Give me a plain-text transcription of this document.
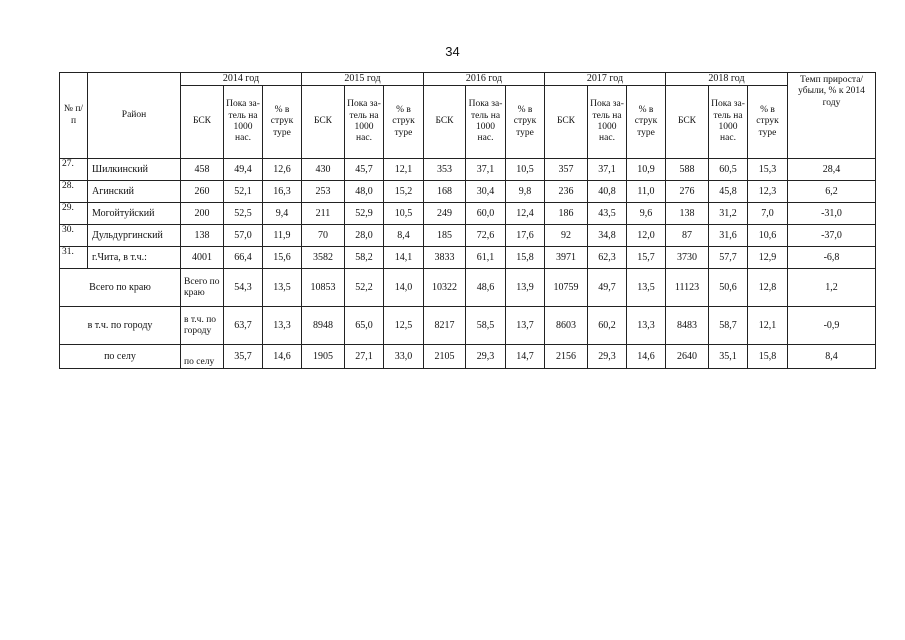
34
№ п/п	Район	2014 год			2015 год			2016 год			2017 год			2018 год			Темп прироста/ убыли, % к 2014 году
		БСК	Пока за- тель на 1000 нас.	% в струк туре	БСК	Пока за- тель на 1000 нас.	% в струк туре	БСК	Пока за- тель на 1000 нас.	% в струк туре	БСК	Пока за- тель на 1000 нас.	% в струк туре	БСК	Пока за- тель на 1000 нас.	% в струк туре	
27.	Шилкинский	458	49,4	12,6	430	45,7	12,1	353	37,1	10,5	357	37,1	10,9	588	60,5	15,3	28,4
28.	Агинский	260	52,1	16,3	253	48,0	15,2	168	30,4	9,8	236	40,8	11,0	276	45,8	12,3	6,2
29.	Могойтуйский	200	52,5	9,4	211	52,9	10,5	249	60,0	12,4	186	43,5	9,6	138	31,2	7,0	-31,0
30.	Дульдургинский	138	57,0	11,9	70	28,0	8,4	185	72,6	17,6	92	34,8	12,0	87	31,6	10,6	-37,0
31.	г.Чита, в т.ч.:	4001	66,4	15,6	3582	58,2	14,1	3833	61,1	15,8	3971	62,3	15,7	3730	57,7	12,9	-6,8
Всего по краю		Всего по краю	54,3	13,5	10853	52,2	14,0	10322	48,6	13,9	10759	49,7	13,5	11123	50,6	12,8	1,2
в т.ч. по городу		в т.ч. по городу	63,7	13,3	8948	65,0	12,5	8217	58,5	13,7	8603	60,2	13,3	8483	58,7	12,1	-0,9
по селу		по селу	35,7	14,6	1905	27,1	33,0	2105	29,3	14,7	2156	29,3	14,6	2640	35,1	15,8	8,4
